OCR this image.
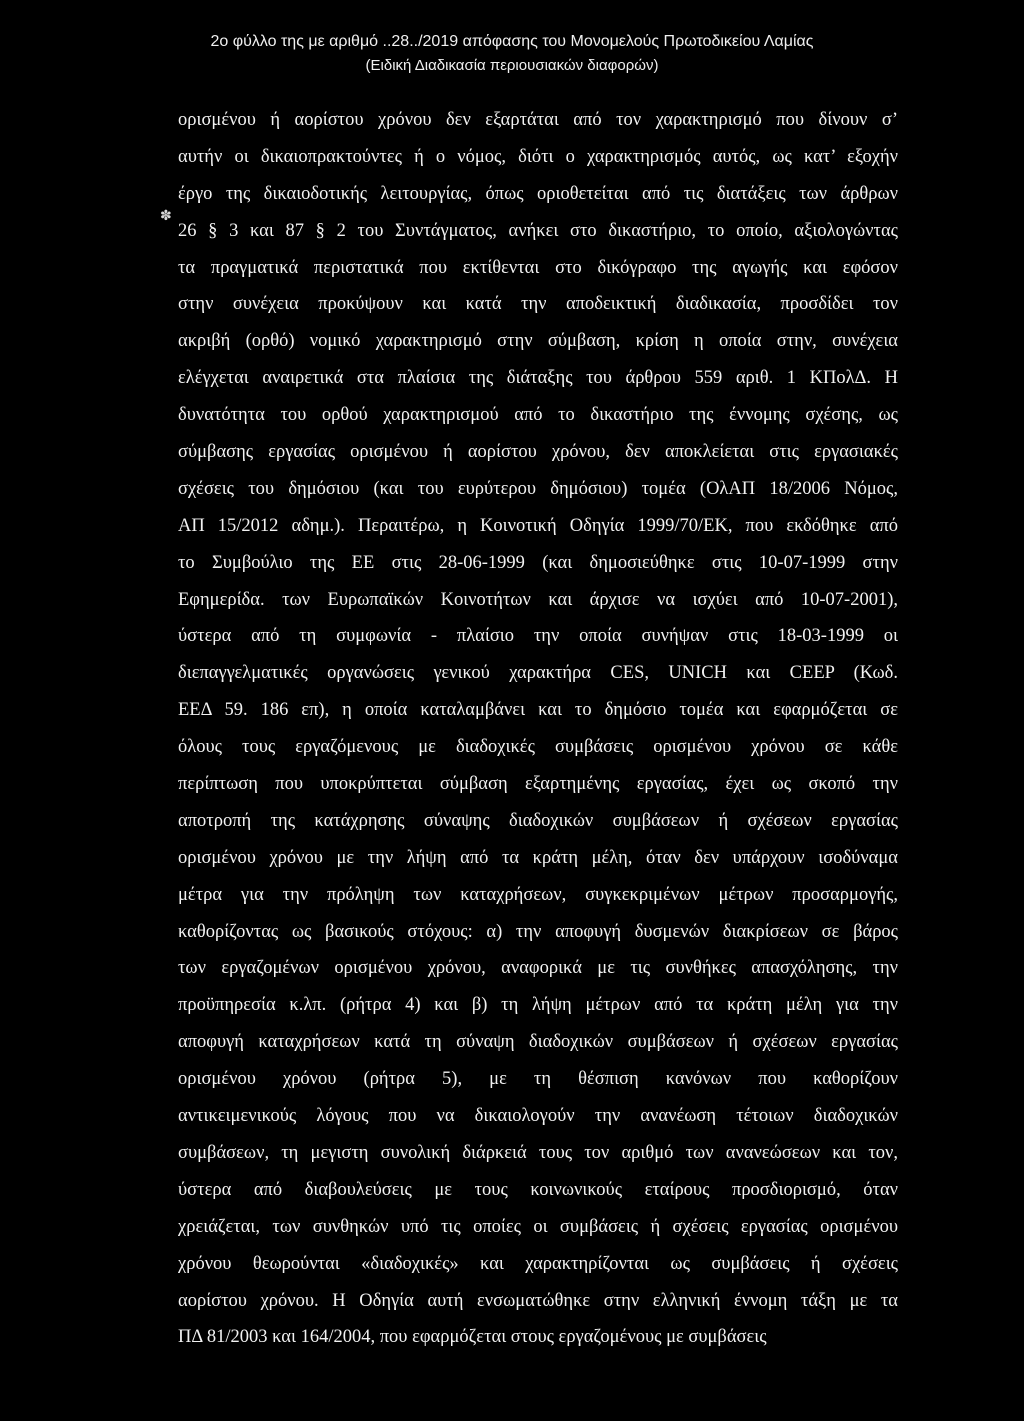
2ο φύλλο της με αριθμό ..28../2019 απόφασης του Μονομελούς Πρωτοδικείου Λαμίας
(Ειδική Διαδικασία περιουσιακών διαφορών)
✽
ορισμένου ή αορίστου χρόνου δεν εξαρτάται από τον χαρακτηρισμό που δίνουν σ’
αυτήν οι δικαιοπρακτούντες ή ο νόμος, διότι ο χαρακτηρισμός αυτός, ως κατ’ εξοχήν
έργο της δικαιοδοτικής λειτουργίας, όπως οριοθετείται από τις διατάξεις των άρθρων
26 § 3 και 87 § 2 του Συντάγματος, ανήκει στο δικαστήριο, το οποίο, αξιολογώντας
τα πραγματικά περιστατικά που εκτίθενται στο δικόγραφο της αγωγής και εφόσον
στην συνέχεια προκύψουν και κατά την αποδεικτική διαδικασία, προσδίδει τον
ακριβή (ορθό) νομικό χαρακτηρισμό στην σύμβαση, κρίση η οποία στην, συνέχεια
ελέγχεται αναιρετικά στα πλαίσια της διάταξης του άρθρου 559 αριθ. 1 ΚΠολΔ. Η
δυνατότητα του ορθού χαρακτηρισμού από το δικαστήριο της έννομης σχέσης, ως
σύμβασης εργασίας ορισμένου ή αορίστου χρόνου, δεν αποκλείεται στις εργασιακές
σχέσεις του δημόσιου (και του ευρύτερου δημόσιου) τομέα (ΟλΑΠ 18/2006 Νόμος,
ΑΠ 15/2012 αδημ.). Περαιτέρω, η Κοινοτική Οδηγία 1999/70/ΕΚ, που εκδόθηκε από
το Συμβούλιο της ΕΕ στις 28-06-1999 (και δημοσιεύθηκε στις 10-07-1999 στην
Εφημερίδα. των Ευρωπαϊκών Κοινοτήτων και άρχισε να ισχύει από 10-07-2001),
ύστερα από τη συμφωνία - πλαίσιο την οποία συνήψαν στις 18-03-1999 οι
διεπαγγελματικές οργανώσεις γενικού χαρακτήρα CES, UNICH και CEEP (Κωδ.
ΕΕΔ 59. 186 επ), η οποία καταλαμβάνει και το δημόσιο τομέα και εφαρμόζεται σε
όλους τους εργαζόμενους με διαδοχικές συμβάσεις ορισμένου χρόνου σε κάθε
περίπτωση που υποκρύπτεται σύμβαση εξαρτημένης εργασίας, έχει ως σκοπό την
αποτροπή της κατάχρησης σύναψης διαδοχικών συμβάσεων ή σχέσεων εργασίας
ορισμένου χρόνου με την λήψη από τα κράτη μέλη, όταν δεν υπάρχουν ισοδύναμα
μέτρα για την πρόληψη των καταχρήσεων, συγκεκριμένων μέτρων προσαρμογής,
καθορίζοντας ως βασικούς στόχους: α) την αποφυγή δυσμενών διακρίσεων σε βάρος
των εργαζομένων ορισμένου χρόνου, αναφορικά με τις συνθήκες απασχόλησης, την
προϋπηρεσία κ.λπ. (ρήτρα 4) και β) τη λήψη μέτρων από τα κράτη μέλη για την
αποφυγή καταχρήσεων κατά τη σύναψη διαδοχικών συμβάσεων ή σχέσεων εργασίας
ορισμένου χρόνου (ρήτρα 5), με τη θέσπιση κανόνων που καθορίζουν
αντικειμενικούς λόγους που να δικαιολογούν την ανανέωση τέτοιων διαδοχικών
συμβάσεων, τη μεγιστη συνολική διάρκειά τους τον αριθμό των ανανεώσεων και τον,
ύστερα από διαβουλεύσεις με τους κοινωνικούς εταίρους προσδιορισμό, όταν
χρειάζεται, των συνθηκών υπό τις οποίες οι συμβάσεις ή σχέσεις εργασίας ορισμένου
χρόνου θεωρούνται «διαδοχικές» και χαρακτηρίζονται ως συμβάσεις ή σχέσεις
αορίστου χρόνου. Η Οδηγία αυτή ενσωματώθηκε στην ελληνική έννομη τάξη με τα
ΠΔ 81/2003 και 164/2004, που εφαρμόζεται στους εργαζομένους με συμβάσεις
